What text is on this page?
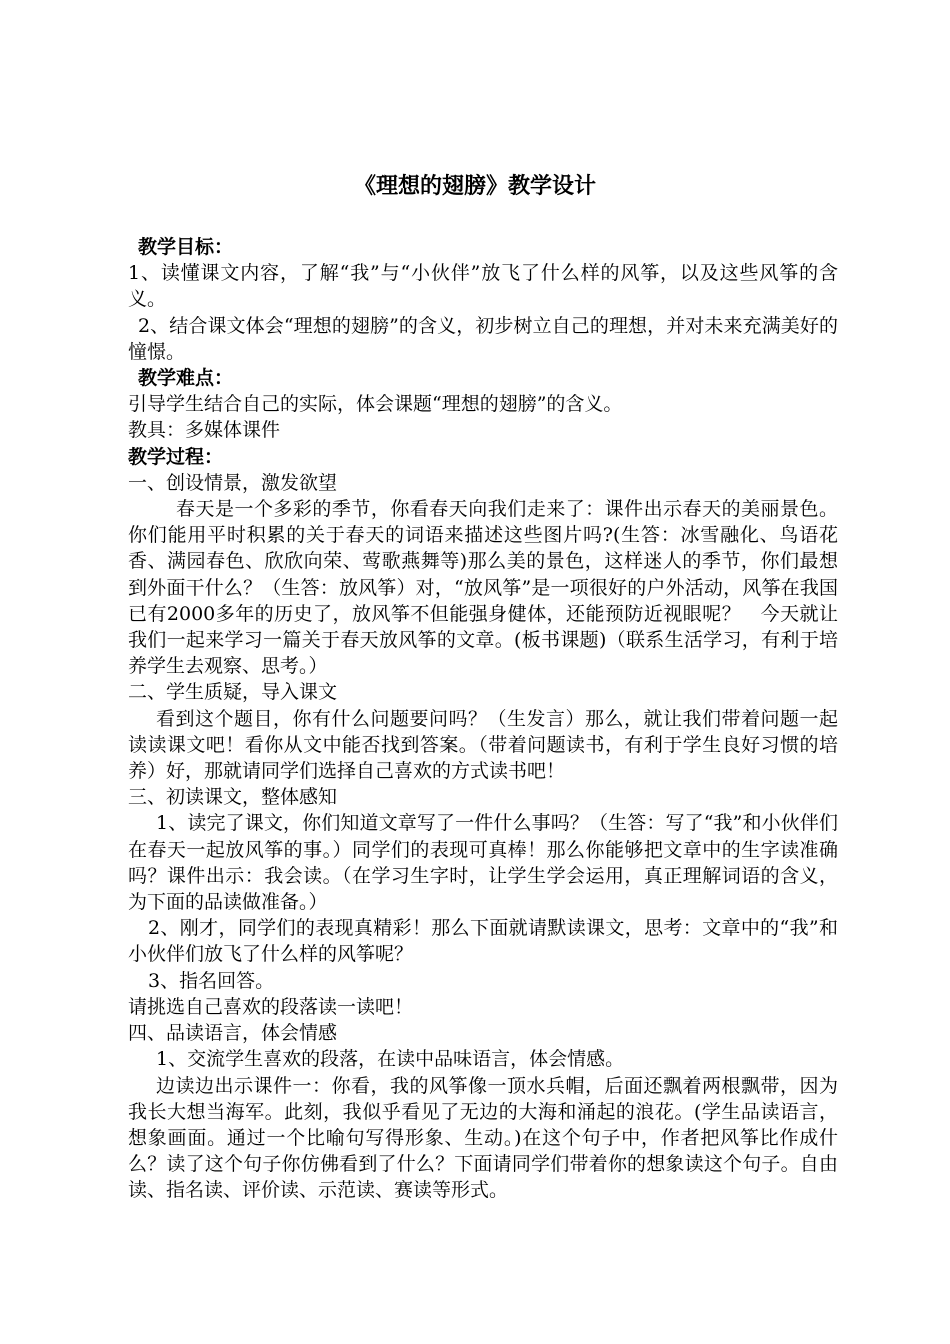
《理想的翅膀》教学设计

教学目标：

1、读懂课文内容，了解“我”与“小伙伴”放飞了什么样的风筝，以及这些风筝的含义。

2、结合课文体会“理想的翅膀”的含义，初步树立自己的理想，并对未来充满美好的憧憬。

教学难点：

引导学生结合自己的实际，体会课题“理想的翅膀”的含义。

教具：多媒体课件

教学过程：

一、创设情景，激发欲望

春天是一个多彩的季节，你看春天向我们走来了：课件出示春天的美丽景色。你们能用平时积累的关于春天的词语来描述这些图片吗?(生答：冰雪融化、鸟语花香、满园春色、欣欣向荣、莺歌燕舞等)那么美的景色，这样迷人的季节，你们最想到外面干什么？（生答：放风筝）对，“放风筝”是一项很好的户外活动，风筝在我国已有2000多年的历史了，放风筝不但能强身健体，还能预防近视眼呢？　今天就让我们一起来学习一篇关于春天放风筝的文章。(板书课题)（联系生活学习，有利于培养学生去观察、思考。）

二、学生质疑，导入课文

看到这个题目，你有什么问题要问吗？（生发言）那么，就让我们带着问题一起读读课文吧！看你从文中能否找到答案。（带着问题读书，有利于学生良好习惯的培养）好，那就请同学们选择自己喜欢的方式读书吧！

三、初读课文，整体感知

1、读完了课文，你们知道文章写了一件什么事吗？（生答：写了“我”和小伙伴们在春天一起放风筝的事。）同学们的表现可真棒！那么你能够把文章中的生字读准确吗？课件出示：我会读。（在学习生字时，让学生学会运用，真正理解词语的含义，为下面的品读做准备。）

2、刚才，同学们的表现真精彩！那么下面就请默读课文，思考：文章中的“我”和小伙伴们放飞了什么样的风筝呢？

3、指名回答。

请挑选自己喜欢的段落读一读吧！

四、品读语言，体会情感

1、交流学生喜欢的段落，在读中品味语言，体会情感。

边读边出示课件一：你看，我的风筝像一顶水兵帽，后面还飘着两根飘带，因为我长大想当海军。此刻，我似乎看见了无边的大海和涌起的浪花。(学生品读语言，想象画面。通过一个比喻句写得形象、生动。)在这个句子中，作者把风筝比作成什么？读了这个句子你仿佛看到了什么？下面请同学们带着你的想象读这个句子。自由读、指名读、评价读、示范读、赛读等形式。
